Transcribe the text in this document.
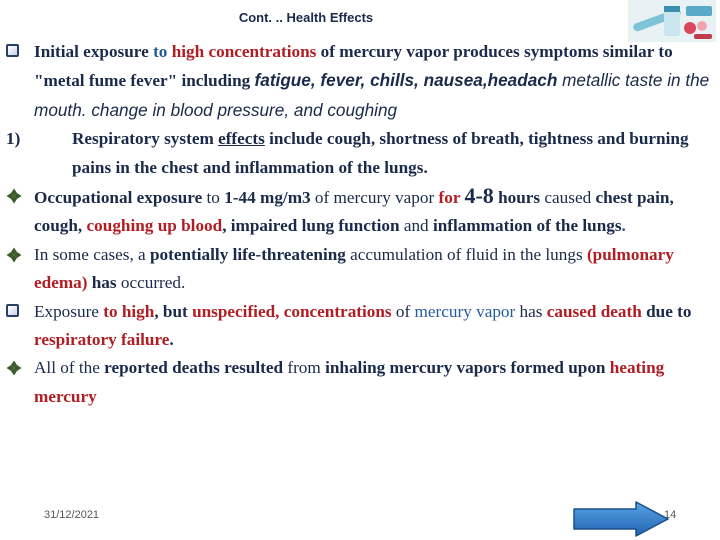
Cont. .. Health Effects
Initial exposure to high concentrations of mercury vapor produces symptoms similar to "metal fume fever" including fatigue, fever, chills, nausea,headach metallic taste in the mouth. change in blood pressure, and coughing
1)	Respiratory system effects include cough, shortness of breath, tightness and burning pains in the chest and inflammation of the lungs.
Occupational exposure to 1-44 mg/m3 of mercury vapor for 4-8 hours caused chest pain, cough, coughing up blood, impaired lung function and inflammation of the lungs.
In some cases, a potentially life-threatening accumulation of fluid in the lungs (pulmonary edema) has occurred.
Exposure to high, but unspecified, concentrations of mercury vapor has caused death due to respiratory failure.
All of the reported deaths resulted from inhaling mercury vapors formed upon heating mercury
31/12/2021	14
